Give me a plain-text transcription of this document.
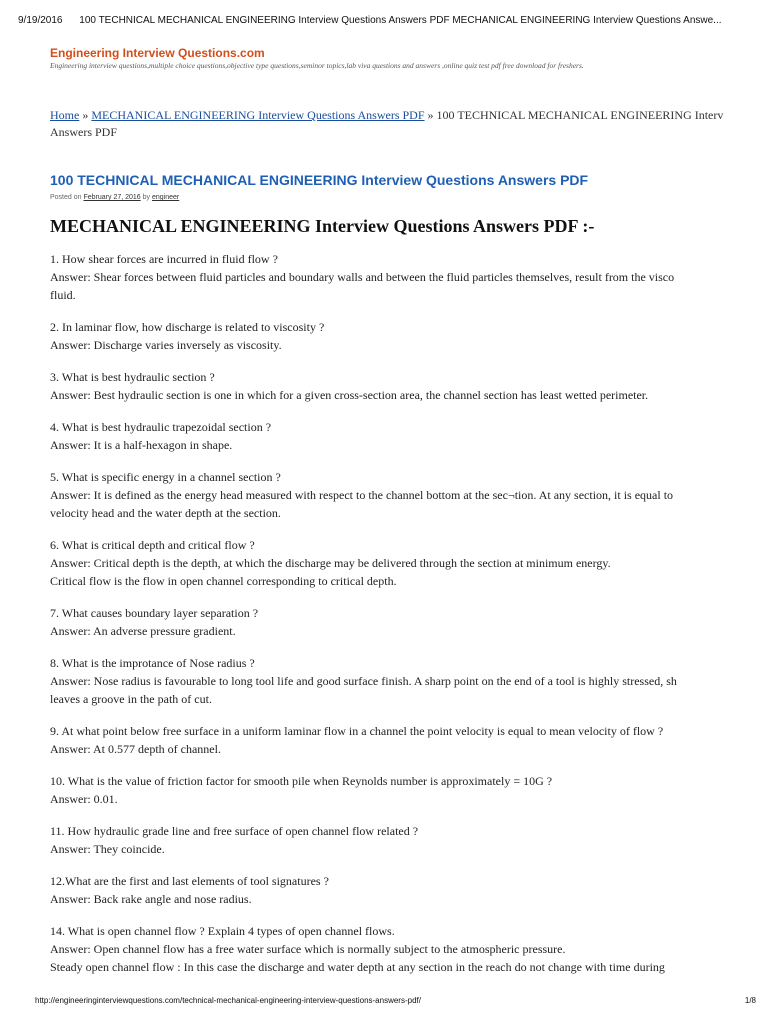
9/19/2016 100 TECHNICAL MECHANICAL ENGINEERING Interview Questions Answers PDF MECHANICAL ENGINEERING Interview Questions Answe...
Engineering Interview Questions.com
Engineering interview questions,multiple choice questions,objective type questions,seminor topics,lab viva questions and answers ,online quiz test pdf free download for freshers.
Home » MECHANICAL ENGINEERING Interview Questions Answers PDF » 100 TECHNICAL MECHANICAL ENGINEERING Interv
Answers PDF
100 TECHNICAL MECHANICAL ENGINEERING Interview Questions Answers PDF
Posted on February 27, 2016 by engineer
MECHANICAL ENGINEERING Interview Questions Answers PDF :-
1. How shear forces are incurred in fluid flow ?
Answer: Shear forces between fluid particles and boundary walls and between the fluid particles themselves, result from the visco
fluid.
2. In laminar flow, how discharge is related to viscosity ?
Answer: Discharge varies inversely as viscosity.
3. What is best hydraulic section ?
Answer: Best hydraulic section is one in which for a given cross-section area, the channel section has least wetted perimeter.
4. What is best hydraulic trapezoidal section ?
Answer: It is a half-hexagon in shape.
5. What is specific energy in a channel section ?
Answer: It is defined as the energy head measured with respect to the channel bottom at the sec¬tion. At any section, it is equal to
velocity head and the water depth at the section.
6. What is critical depth and critical flow ?
Answer: Critical depth is the depth, at which the discharge may be delivered through the section at minimum energy.
Critical flow is the flow in open channel corresponding to critical depth.
7. What causes boundary layer separation ?
Answer: An adverse pressure gradient.
8. What is the improtance of Nose radius ?
Answer: Nose radius is favourable to long tool life and good surface finish. A sharp point on the end of a tool is highly stressed, sh
leaves a groove in the path of cut.
9. At what point below free surface in a uniform laminar flow in a channel the point velocity is equal to mean velocity of flow ?
Answer: At 0.577 depth of channel.
10. What is the value of friction factor for smooth pile when Reynolds number is approximately = 10G ?
Answer: 0.01.
11. How hydraulic grade line and free surface of open channel flow related ?
Answer: They coincide.
12.What are the first and last elements of tool signatures ?
Answer: Back rake angle and nose radius.
14. What is open channel flow ? Explain 4 types of open channel flows.
Answer: Open channel flow has a free water surface which is normally subject to the atmospheric pressure.
Steady open channel flow : In this case the discharge and water depth at any section in the reach do not change with time during
http://engineeringinterviewquestions.com/technical-mechanical-engineering-interview-questions-answers-pdf/	1/8
